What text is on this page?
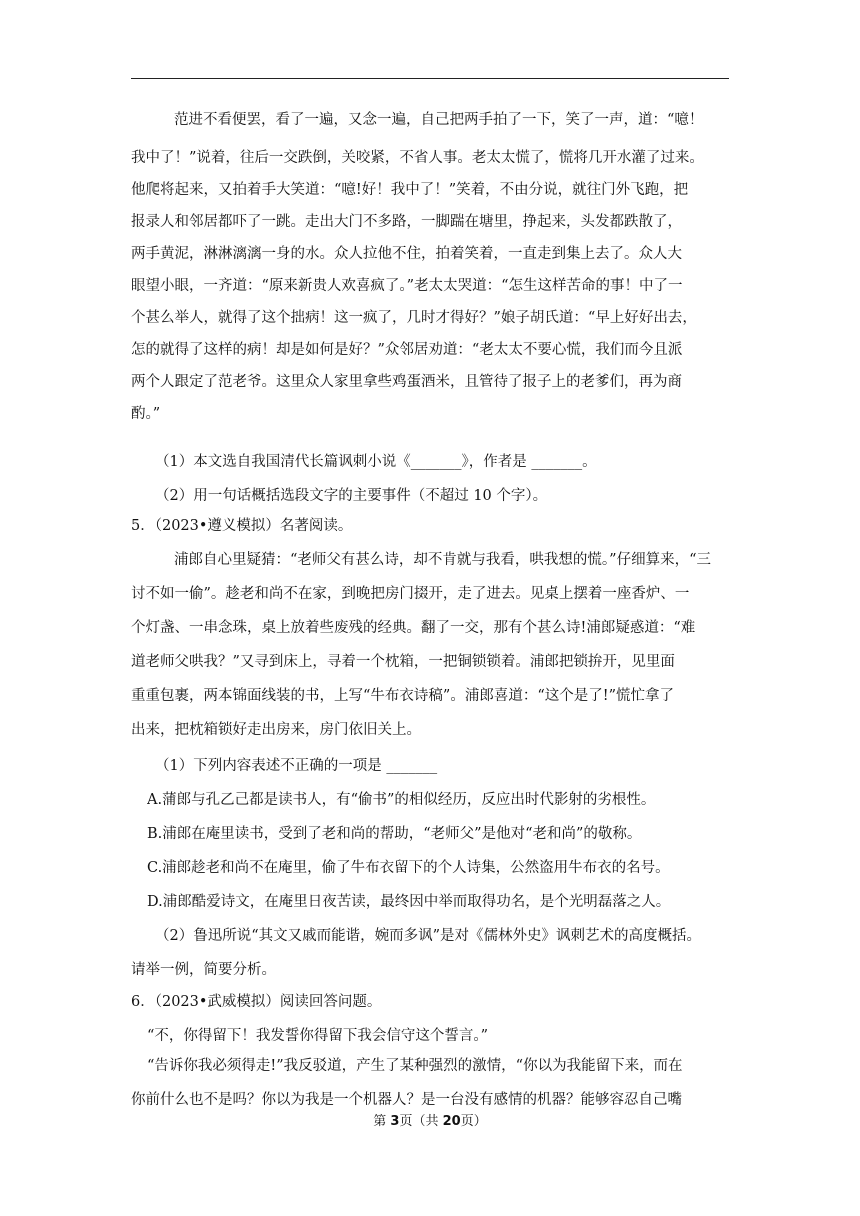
范进不看便罢，看了一遍，又念一遍，自己把两手拍了一下，笑了一声，道：“噫！
我中了！”说着，往后一交跌倒，关咬紧，不省人事。老太太慌了，慌将几开水灌了过来。
他爬将起来，又拍着手大笑道：“噫!好！我中了！”笑着，不由分说，就往门外飞跑，把
报录人和邻居都吓了一跳。走出大门不多路，一脚踹在塘里，挣起来，头发都跌散了，
两手黄泥，淋淋漓漓一身的水。众人拉他不住，拍着笑着，一直走到集上去了。众人大
眼望小眼，一齐道：“原来新贵人欢喜疯了。”老太太哭道：“怎生这样苦命的事！中了一
个甚么举人，就得了这个拙病！这一疯了，几时才得好？”娘子胡氏道：“早上好好出去，
怎的就得了这样的病！却是如何是好？”众邻居劝道：“老太太不要心慌，我们而今且派
两个人跟定了范老爷。这里众人家里拿些鸡蛋酒米，且管待了报子上的老爹们，再为商
酌。”
（1）本文选自我国清代长篇讽刺小说《_______》，作者是 _______。
（2）用一句话概括选段文字的主要事件（不超过 10 个字）。
5．（2023•遵义模拟）名著阅读。
浦郎自心里疑猜：“老师父有甚么诗，却不肯就与我看，哄我想的慌。”仔细算来，“三
讨不如一偷”。趁老和尚不在家，到晚把房门掇开，走了进去。见桌上摆着一座香炉、一
个灯盏、一串念珠，桌上放着些废残的经典。翻了一交，那有个甚么诗!浦郎疑惑道：“难
道老师父哄我？”又寻到床上，寻着一个枕箱，一把铜锁锁着。浦郎把锁拚开，见里面
重重包裹，两本锦面线装的书，上写“牛布衣诗稿”。浦郎喜道：“这个是了!”慌忙拿了
出来，把枕箱锁好走出房来，房门依旧关上。
（1）下列内容表述不正确的一项是 _______
A.蒲郎与孔乙己都是读书人，有“偷书”的相似经历，反应出时代影射的劣根性。
B.浦郎在庵里读书，受到了老和尚的帮助，“老师父”是他对“老和尚”的敬称。
C.浦郎趁老和尚不在庵里，偷了牛布衣留下的个人诗集，公然盗用牛布衣的名号。
D.浦郎酷爱诗文，在庵里日夜苦读，最终因中举而取得功名，是个光明磊落之人。
（2）鲁迅所说“其文又戚而能谐，婉而多讽”是对《儒林外史》讽刺艺术的高度概括。
请举一例，简要分析。
6．（2023•武威模拟）阅读回答问题。
“不，你得留下！我发誓你得留下我会信守这个誓言。”
“告诉你我必须得走!”我反驳道，产生了某种强烈的激情，“你以为我能留下来，而在
你前什么也不是吗？你以为我是一个机器人？是一台没有感情的机器？能够容忍自己嘴
第 3页（共 20页）
